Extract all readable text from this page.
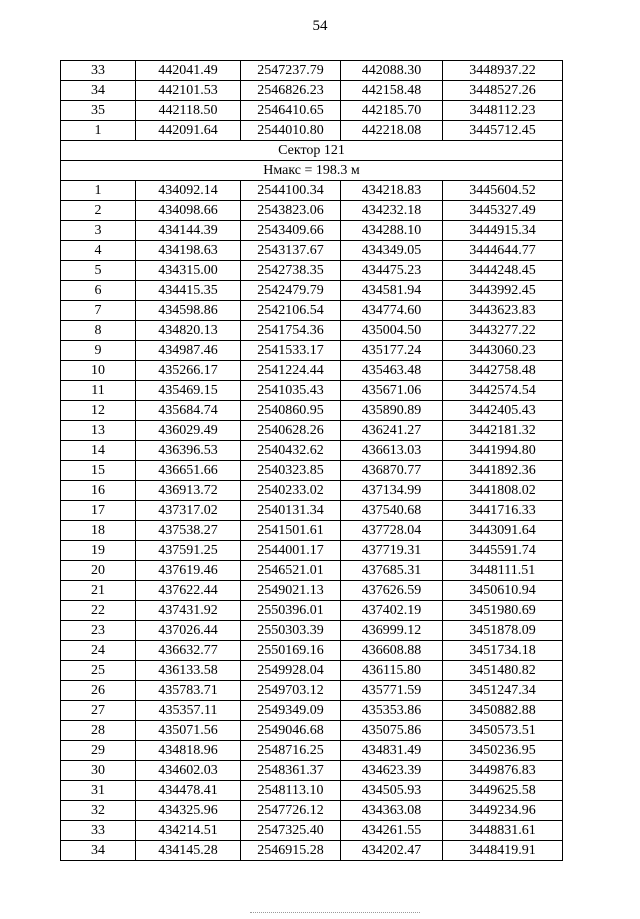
54
33	442041.49	2547237.79	442088.30	3448937.22
34	442101.53	2546826.23	442158.48	3448527.26
35	442118.50	2546410.65	442185.70	3448112.23
1	442091.64	2544010.80	442218.08	3445712.45
Сектор 121				
Нмакс = 198.3 м				
1	434092.14	2544100.34	434218.83	3445604.52
2	434098.66	2543823.06	434232.18	3445327.49
3	434144.39	2543409.66	434288.10	3444915.34
4	434198.63	2543137.67	434349.05	3444644.77
5	434315.00	2542738.35	434475.23	3444248.45
6	434415.35	2542479.79	434581.94	3443992.45
7	434598.86	2542106.54	434774.60	3443623.83
8	434820.13	2541754.36	435004.50	3443277.22
9	434987.46	2541533.17	435177.24	3443060.23
10	435266.17	2541224.44	435463.48	3442758.48
11	435469.15	2541035.43	435671.06	3442574.54
12	435684.74	2540860.95	435890.89	3442405.43
13	436029.49	2540628.26	436241.27	3442181.32
14	436396.53	2540432.62	436613.03	3441994.80
15	436651.66	2540323.85	436870.77	3441892.36
16	436913.72	2540233.02	437134.99	3441808.02
17	437317.02	2540131.34	437540.68	3441716.33
18	437538.27	2541501.61	437728.04	3443091.64
19	437591.25	2544001.17	437719.31	3445591.74
20	437619.46	2546521.01	437685.31	3448111.51
21	437622.44	2549021.13	437626.59	3450610.94
22	437431.92	2550396.01	437402.19	3451980.69
23	437026.44	2550303.39	436999.12	3451878.09
24	436632.77	2550169.16	436608.88	3451734.18
25	436133.58	2549928.04	436115.80	3451480.82
26	435783.71	2549703.12	435771.59	3451247.34
27	435357.11	2549349.09	435353.86	3450882.88
28	435071.56	2549046.68	435075.86	3450573.51
29	434818.96	2548716.25	434831.49	3450236.95
30	434602.03	2548361.37	434623.39	3449876.83
31	434478.41	2548113.10	434505.93	3449625.58
32	434325.96	2547726.12	434363.08	3449234.96
33	434214.51	2547325.40	434261.55	3448831.61
34	434145.28	2546915.28	434202.47	3448419.91
